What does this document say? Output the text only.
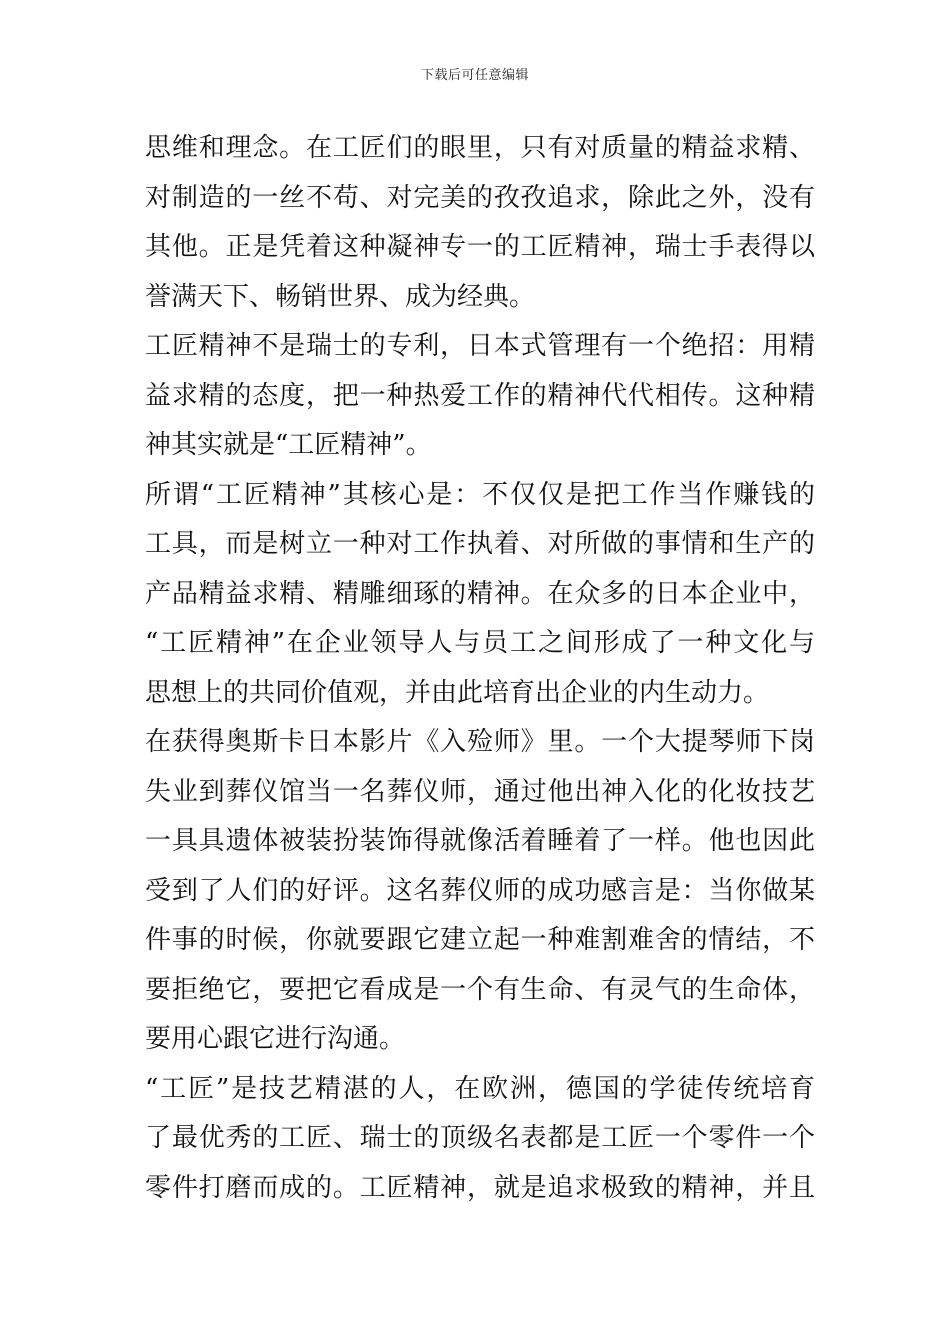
下载后可任意编辑
思维和理念。在工匠们的眼里，只有对质量的精益求精、
对制造的一丝不苟、对完美的孜孜追求，除此之外，没有
其他。正是凭着这种凝神专一的工匠精神，瑞士手表得以
誉满天下、畅销世界、成为经典。
工匠精神不是瑞士的专利，日本式管理有一个绝招：用精
益求精的态度，把一种热爱工作的精神代代相传。这种精
神其实就是“工匠精神”。
所谓“工匠精神”其核心是：不仅仅是把工作当作赚钱的
工具，而是树立一种对工作执着、对所做的事情和生产的
产品精益求精、精雕细琢的精神。在众多的日本企业中，
“工匠精神”在企业领导人与员工之间形成了一种文化与
思想上的共同价值观，并由此培育出企业的内生动力。
在获得奥斯卡日本影片《入殓师》里。一个大提琴师下岗
失业到葬仪馆当一名葬仪师，通过他出神入化的化妆技艺
一具具遗体被装扮装饰得就像活着睡着了一样。他也因此
受到了人们的好评。这名葬仪师的成功感言是：当你做某
件事的时候，你就要跟它建立起一种难割难舍的情结，不
要拒绝它，要把它看成是一个有生命、有灵气的生命体，
要用心跟它进行沟通。
“工匠”是技艺精湛的人，在欧洲，德国的学徒传统培育
了最优秀的工匠、瑞士的顶级名表都是工匠一个零件一个
零件打磨而成的。工匠精神，就是追求极致的精神，并且
